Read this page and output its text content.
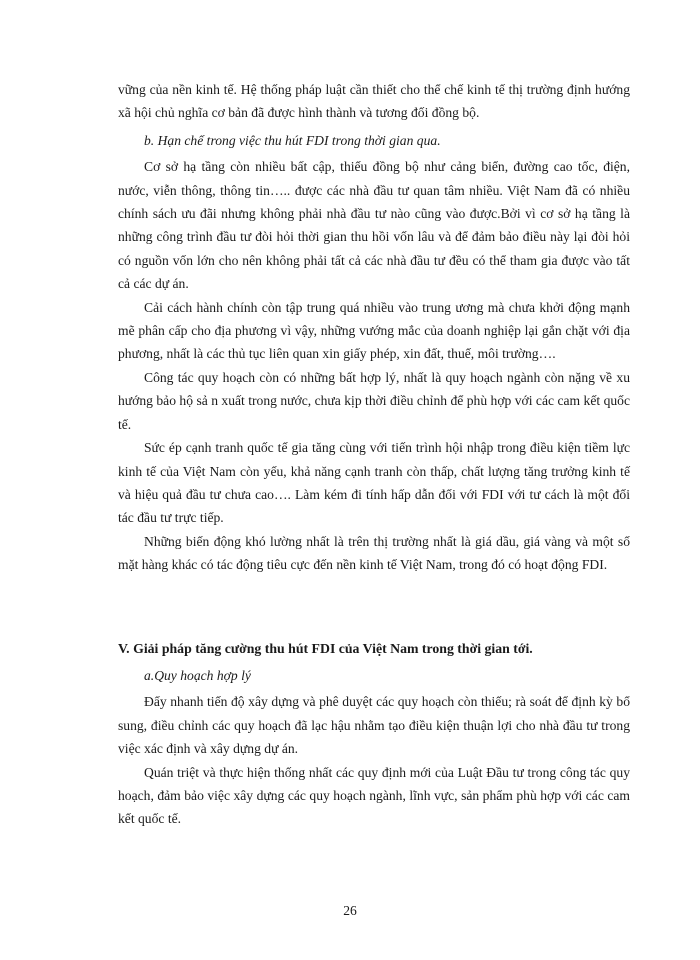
vững của nền kinh tế. Hệ thống pháp luật cần thiết cho thể chế kinh tế thị trường định hướng xã hội chủ nghĩa cơ bản đã được hình thành và tương đối đồng bộ.

b. Hạn chế trong việc thu hút FDI trong thời gian qua.

Cơ sở hạ tầng còn nhiều bất cập, thiếu đồng bộ như cảng biển, đường cao tốc, điện, nước, viễn thông, thông tin….. được các nhà đầu tư quan tâm nhiều. Việt Nam đã có nhiều chính sách ưu đãi nhưng không phải nhà đầu tư nào cũng vào được.Bởi vì cơ sở hạ tầng là những công trình đầu tư đòi hỏi thời gian thu hồi vốn lâu và để đảm bảo điều này lại đòi hỏi có nguồn vốn lớn cho nên không phải tất cả các nhà đầu tư đều có thể tham gia được vào tất cả các dự án.

Cải cách hành chính còn tập trung quá nhiều vào trung ương mà chưa khởi động mạnh mẽ phân cấp cho địa phương vì vậy, những vướng mắc của doanh nghiệp lại gắn chặt với địa phương, nhất là các thủ tục liên quan xin giấy phép, xin đất, thuế, môi trường….

Công tác quy hoạch còn có những bất hợp lý, nhất là quy hoạch ngành còn nặng về xu hướng bảo hộ sả n xuất trong nước, chưa kịp thời điều chỉnh để phù hợp với các cam kết quốc tế.

Sức ép cạnh tranh quốc tế gia tăng cùng với tiến trình hội nhập trong điều kiện tiềm lực kinh tế của Việt Nam còn yếu, khả năng cạnh tranh còn thấp, chất lượng tăng trưởng kinh tế và hiệu quả đầu tư chưa cao…. Làm kém đi tính hấp dẫn đối với FDI với tư cách là một đối tác đầu tư trực tiếp.

Những biến động khó lường nhất là trên thị trường nhất là giá dầu, giá vàng và một số mặt hàng khác có tác động tiêu cực đến nền kinh tế Việt Nam, trong đó có hoạt động FDI.

V. Giải pháp tăng cường thu hút FDI của Việt Nam trong thời gian tới.

a.Quy hoạch hợp lý

Đẩy nhanh tiến độ xây dựng và phê duyệt các quy hoạch còn thiếu; rà soát để định kỳ bổ sung, điều chỉnh các quy hoạch đã lạc hậu nhằm tạo điều kiện thuận lợi cho nhà đầu tư trong việc xác định và xây dựng dự án.

Quán triệt và thực hiện thống nhất các quy định mới của Luật Đầu tư trong công tác quy hoạch, đảm bảo việc xây dựng các quy hoạch ngành, lĩnh vực, sản phẩm phù hợp với các cam kết quốc tế.

26
